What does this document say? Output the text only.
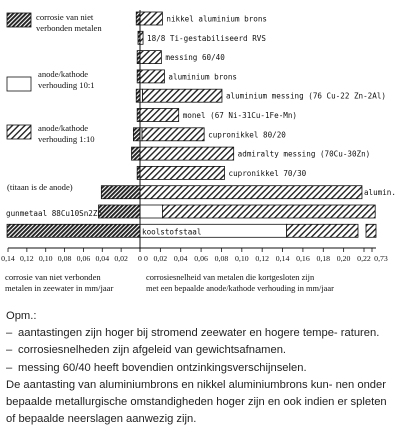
corrosie van niet
verbonden metalen
anode/kathode
verhouding 10:1
anode/kathode
verhouding 1:10
(titaan is de anode)
nikkel aluminium brons
18/8 Ti-gestabiliseerd RVS
messing 60/40
aluminium brons
aluminium messing (76 Cu-22 Zn-2Al)
monel (67 Ni-31Cu-1Fe-Mn)
cupronikkel 80/20
admiralty messing (70Cu-30Zn)
cupronikkel 70/30
alumin.
gunmetaal 88Cu10Sn2Zn
koolstofstaal
0,14 0,12 0,10 0,08 0,06 0,04 0,02 0 0,02 0,04 0,06 0,08 0,10 0,12 0,14 0,16 0,18 0,20 0,22
0	0,73
corrosie van niet verbonden
metalen in zeewater in mm/jaar
corrosiesnelheid van metalen die kortgesloten zijn
met een bepaalde anode/kathode verhouding in mm/jaar

Opm.:

– aantastingen zijn hoger bij stromend zeewater en hogere tempe- raturen.

– corrosiesnelheden zijn afgeleid van gewichtsafnamen.

– messing 60/40 heeft bovendien ontzinkingsverschijnselen.

De aantasting van aluminiumbrons en nikkel aluminiumbrons kun- nen onder bepaalde metallurgische omstandigheden hoger zijn en ook indien er spleten of bepaalde neerslagen aanwezig zijn.
